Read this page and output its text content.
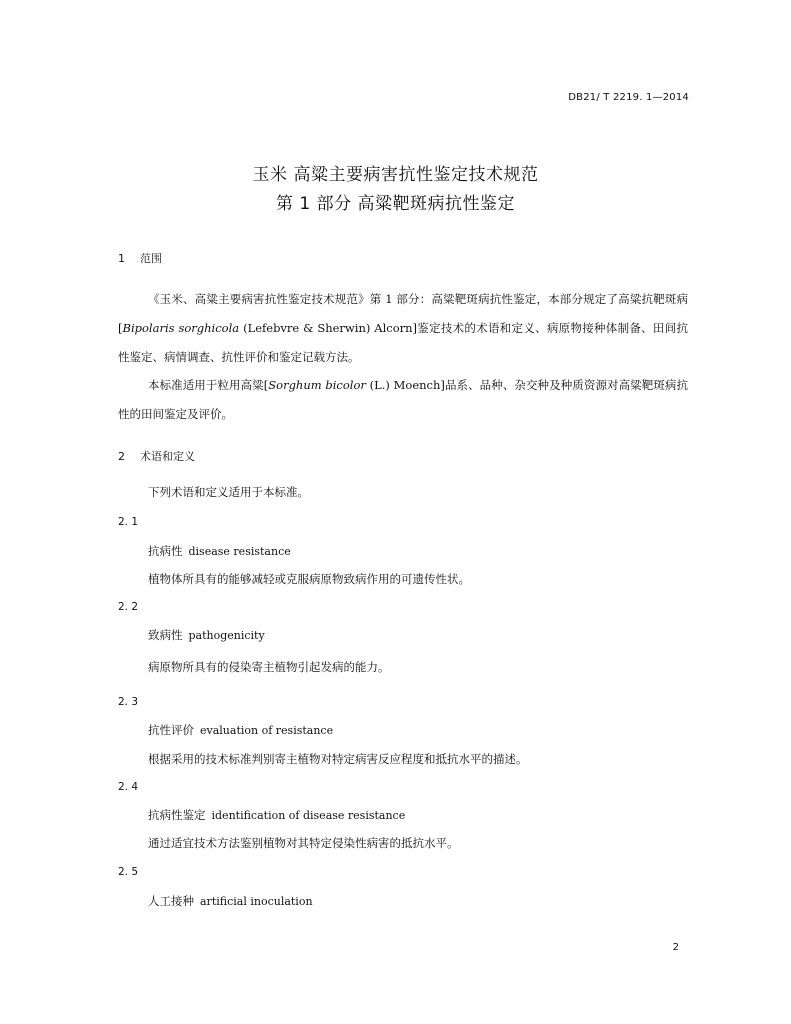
DB21/ T 2219. 1—2014
玉米 高粱主要病害抗性鉴定技术规范
第 1 部分 高粱靶斑病抗性鉴定
1 范围
《玉米、高粱主要病害抗性鉴定技术规范》第 1 部分：高粱靶斑病抗性鉴定，本部分规定了高粱抗靶斑病[Bipolaris sorghicola (Lefebvre & Sherwin) Alcorn]鉴定技术的术语和定义、病原物接种体制备、田间抗性鉴定、病情调查、抗性评价和鉴定记载方法。
本标准适用于粒用高粱[Sorghum bicolor (L.) Moench]品系、品种、杂交种及种质资源对高粱靶斑病抗性的田间鉴定及评价。
2 术语和定义
下列术语和定义适用于本标准。
2. 1
抗病性 disease resistance
植物体所具有的能够减轻或克服病原物致病作用的可遗传性状。
2. 2
致病性 pathogenicity
病原物所具有的侵染寄主植物引起发病的能力。
2. 3
抗性评价 evaluation of resistance
根据采用的技术标准判别寄主植物对特定病害反应程度和抵抗水平的描述。
2. 4
抗病性鉴定 identification of disease resistance
通过适宜技术方法鉴别植物对其特定侵染性病害的抵抗水平。
2. 5
人工接种 artificial inoculation
2
